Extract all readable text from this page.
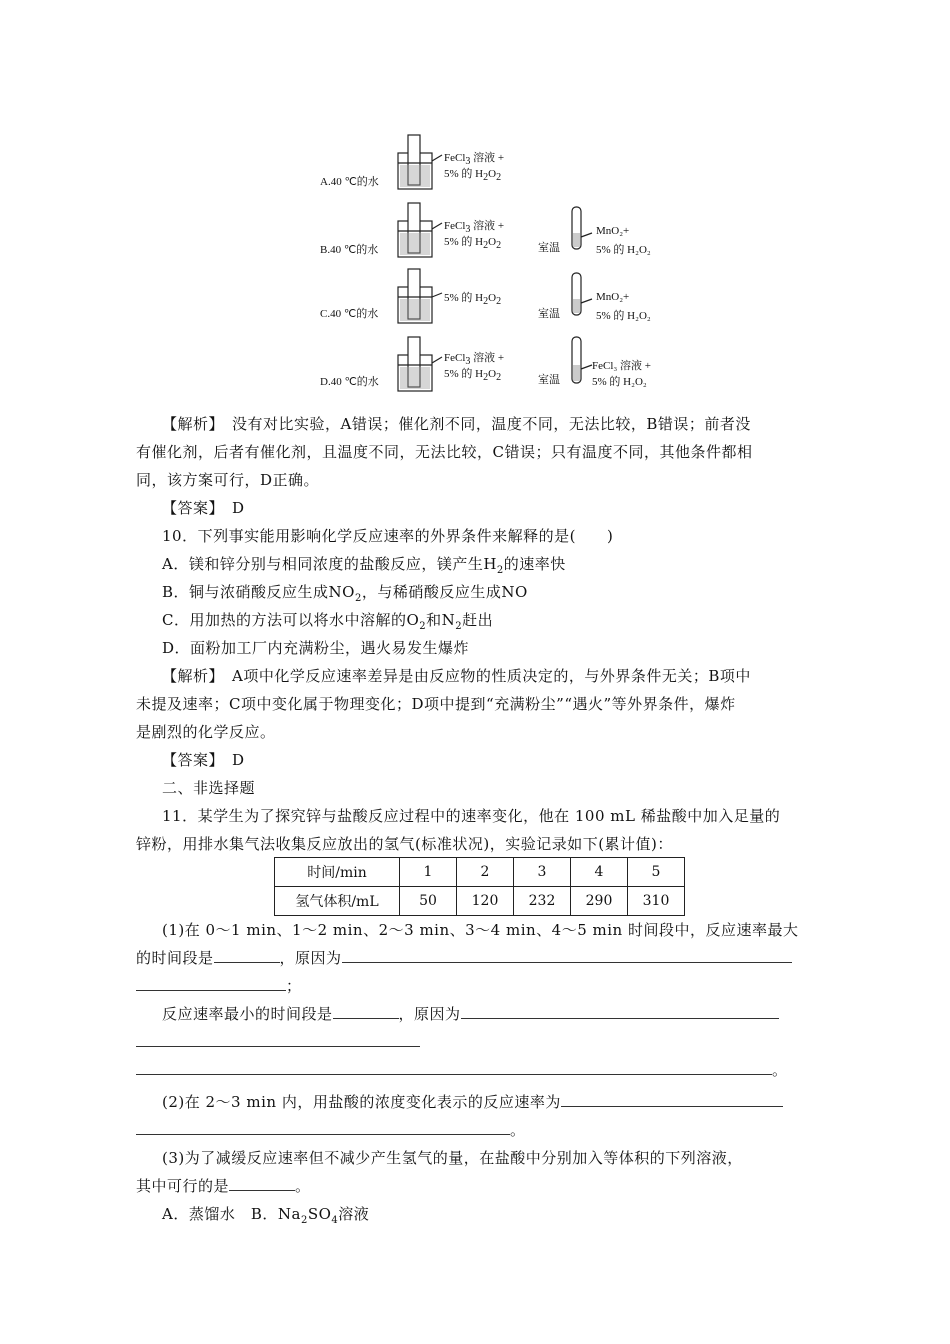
A.40 ℃的水
FeCl$_3$ 溶液 +
5% 的 $H_2O_2$
B.40 ℃的水
FeCl$_3$ 溶液 +
5% 的 $H_2O_2$	室温
MnO₂+
5% 的 H₂O₂
C.40 ℃的水
5% 的 $H_2O_2$
室温
MnO₂+
5% 的 H₂O₂
D.40 ℃的水
FeCl$_3$ 溶液 +
5% 的 $H_2O_2$	室温
FeCl₃ 溶液 +
5% 的 H₂O₂
【解析】　 没有对比实验，A错误；催化剂不同，温度不同，无法比较，B错误；前者没
有催化剂，后者有催化剂，且温度不同，无法比较，C错误；只有温度不同，其他条件都相
同，该方案可行，D正确。
【答案】　 D
10．下列事实能用影响化学反应速率的外界条件来解释的是(　　)
A．镁和锌分别与相同浓度的盐酸反应，镁产生$H_2$的速率快
B．铜与浓硝酸反应生成$NO_2$，与稀硝酸反应生成NO
C．用加热的方法可以将水中溶解的$O_2$和$N_2$赶出
D．面粉加工厂内充满粉尘，遇火易发生爆炸
【解析】　 A项中化学反应速率差异是由反应物的性质决定的，与外界条件无关；B项中
未提及速率；C项中变化属于物理变化；D项中提到“充满粉尘”“遇火”等外界条件，爆炸
是剧烈的化学反应。
【答案】　 D
二、非选择题
11．某学生为了探究锌与盐酸反应过程中的速率变化，他在 100 mL 稀盐酸中加入足量的
锌粉，用排水集气法收集反应放出的氢气(标准状况)，实验记录如下(累计值)：
时间/min	1	2	3	4	5
氢气体积/mL	50	120	232	290	310
(1)在 0～1 min、1～2 min、2～3 min、3～4 min、4～5 min 时间段中，反应速率最大
的时间段是	，原因为
；
反应速率最小的时间段是	，原因为
。
(2)在 2～3 min 内，用盐酸的浓度变化表示的反应速率为
。
(3)为了减缓反应速率但不减少产生氢气的量，在盐酸中分别加入等体积的下列溶液，
其中可行的是	。
A．蒸馏水　B．$Na_2SO_4$溶液
